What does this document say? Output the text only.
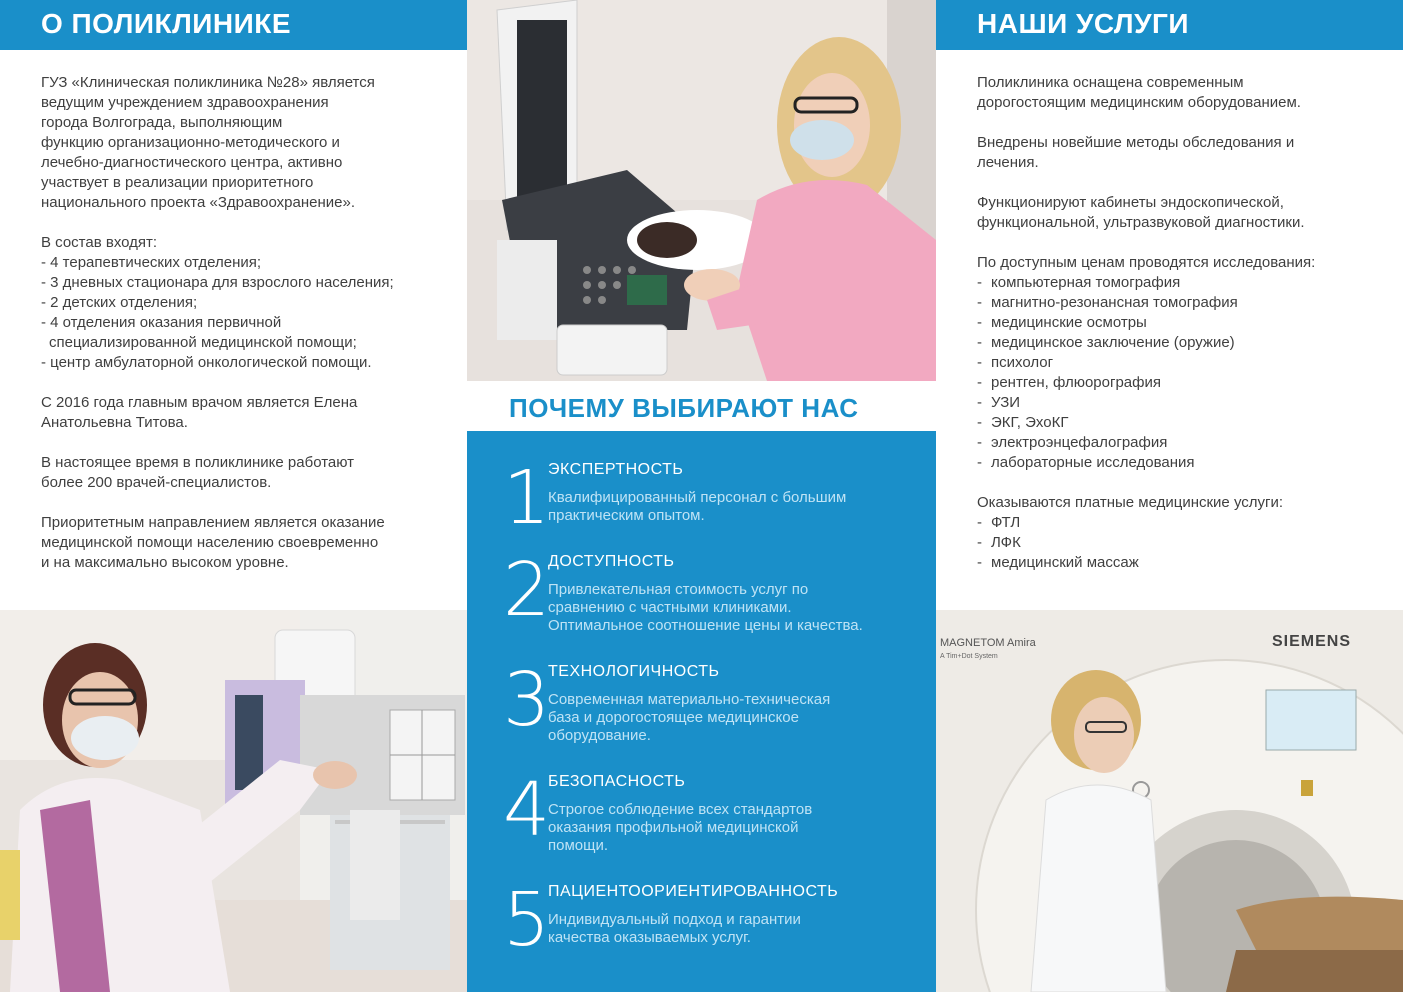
О ПОЛИКЛИНИКЕ

ГУЗ «Клиническая поликлиника №28» является
ведущим учреждением здравоохранения
города Волгограда, выполняющим
функцию организационно-методического и
лечебно-диагностического центра, активно
участвует в реализации приоритетного
национального проекта «Здравоохранение».

В состав входят:
- 4 терапевтических отделения;
- 3 дневных стационара для взрослого населения;
- 2 детских отделения;
- 4 отделения оказания первичной
специализированной медицинской помощи;
- центр амбулаторной онкологической помощи.

С 2016 года главным врачом является Елена
Анатольевна Титова.

В настоящее время в поликлинике работают
более 200 врачей-специалистов.

Приоритетным направлением является оказание
медицинской помощи населению своевременно
и на максимально высоком уровне.

ПОЧЕМУ ВЫБИРАЮТ НАС
1
ЭКСПЕРТНОСТЬ
Квалифицированный персонал с большим
практическим опытом.
2
ДОСТУПНОСТЬ
Привлекательная стоимость услуг по
сравнению с частными клиниками.
Оптимальное соотношение цены и качества.
3
ТЕХНОЛОГИЧНОСТЬ
Современная материально-техническая
база и дорогостоящее медицинское
оборудование.
4
БЕЗОПАСНОСТЬ
Строгое соблюдение всех стандартов
оказания профильной медицинской
помощи.
5
ПАЦИЕНТООРИЕНТИРОВАННОСТЬ
Индивидуальный подход и гарантии
качества оказываемых услуг.
НАШИ УСЛУГИ

Поликлиника оснащена современным
дорогостоящим медицинским оборудованием.

Внедрены новейшие методы обследования и
лечения.

Функционируют кабинеты эндоскопической,
функциональной, ультразвуковой диагностики.

По доступным ценам проводятся исследования:
- компьютерная томография
- магнитно-резонансная томография
- медицинские осмотры
- медицинское заключение (оружие)
- психолог
- рентген, флюорография
- УЗИ
- ЭКГ, ЭхоКГ
- электроэнцефалография
- лабораторные исследования
Оказываются платные медицинские услуги:
- ФТЛ
- ЛФК
- медицинский массаж
SIEMENS
MAGNETOM Amira
A Tim+Dot System
